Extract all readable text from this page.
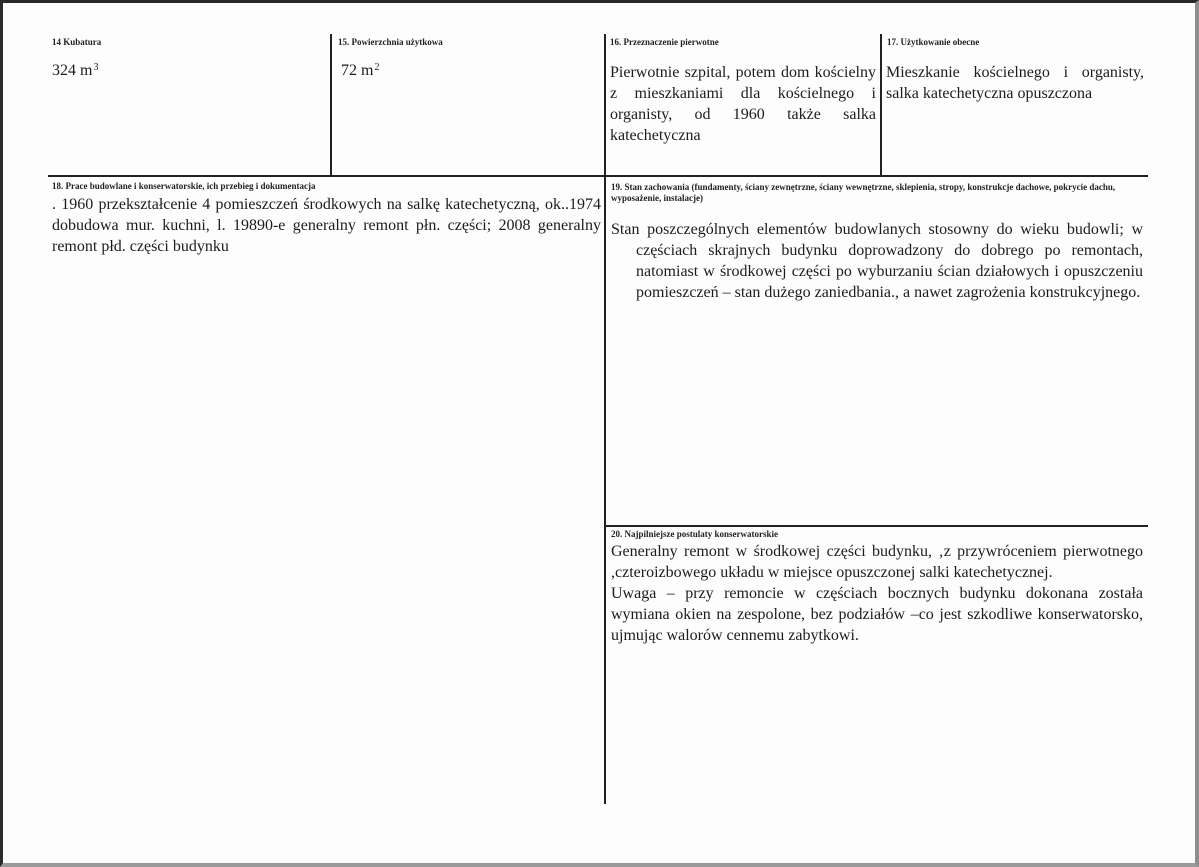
14 Kubatura
324 $m^3$
15. Powierzchnia użytkowa
72 $m^2$
16. Przeznaczenie pierwotne
Pierwotnie szpital, potem dom kościelny z mieszkaniami dla kościelnego i organisty, od 1960 także salka katechetyczna
17. Użytkowanie obecne
Mieszkanie kościelnego i organisty, salka katechetyczna opuszczona
18. Prace budowlane i konserwatorskie, ich przebieg i dokumentacja
. 1960 przekształcenie 4 pomieszczeń środkowych na salkę katechetyczną, ok..1974 dobudowa mur. kuchni, l. 19890-e generalny remont płn. części; 2008 generalny remont płd. części budynku
19. Stan zachowania (fundamenty, ściany zewnętrzne, ściany wewnętrzne, sklepienia, stropy, konstrukcje dachowe, pokrycie dachu, wyposażenie, instalacje)

Stan poszczególnych elementów budowlanych stosowny do wieku budowli; w częściach skrajnych budynku doprowadzony do dobrego po remontach, natomiast w środkowej części po wyburzaniu ścian działowych i opuszczeniu pomieszczeń – stan dużego zaniedbania., a nawet zagrożenia konstrukcyjnego.

20. Najpilniejsze postulaty konserwatorskie

Generalny remont w środkowej części budynku, ‚z przywróceniem pierwotnego ,czteroizbowego układu w miejsce opuszczonej salki katechetycznej.

Uwaga – przy remoncie w częściach bocznych budynku dokonana została wymiana okien na zespolone, bez podziałów –co jest szkodliwe konserwatorsko, ujmując walorów cennemu zabytkowi.
